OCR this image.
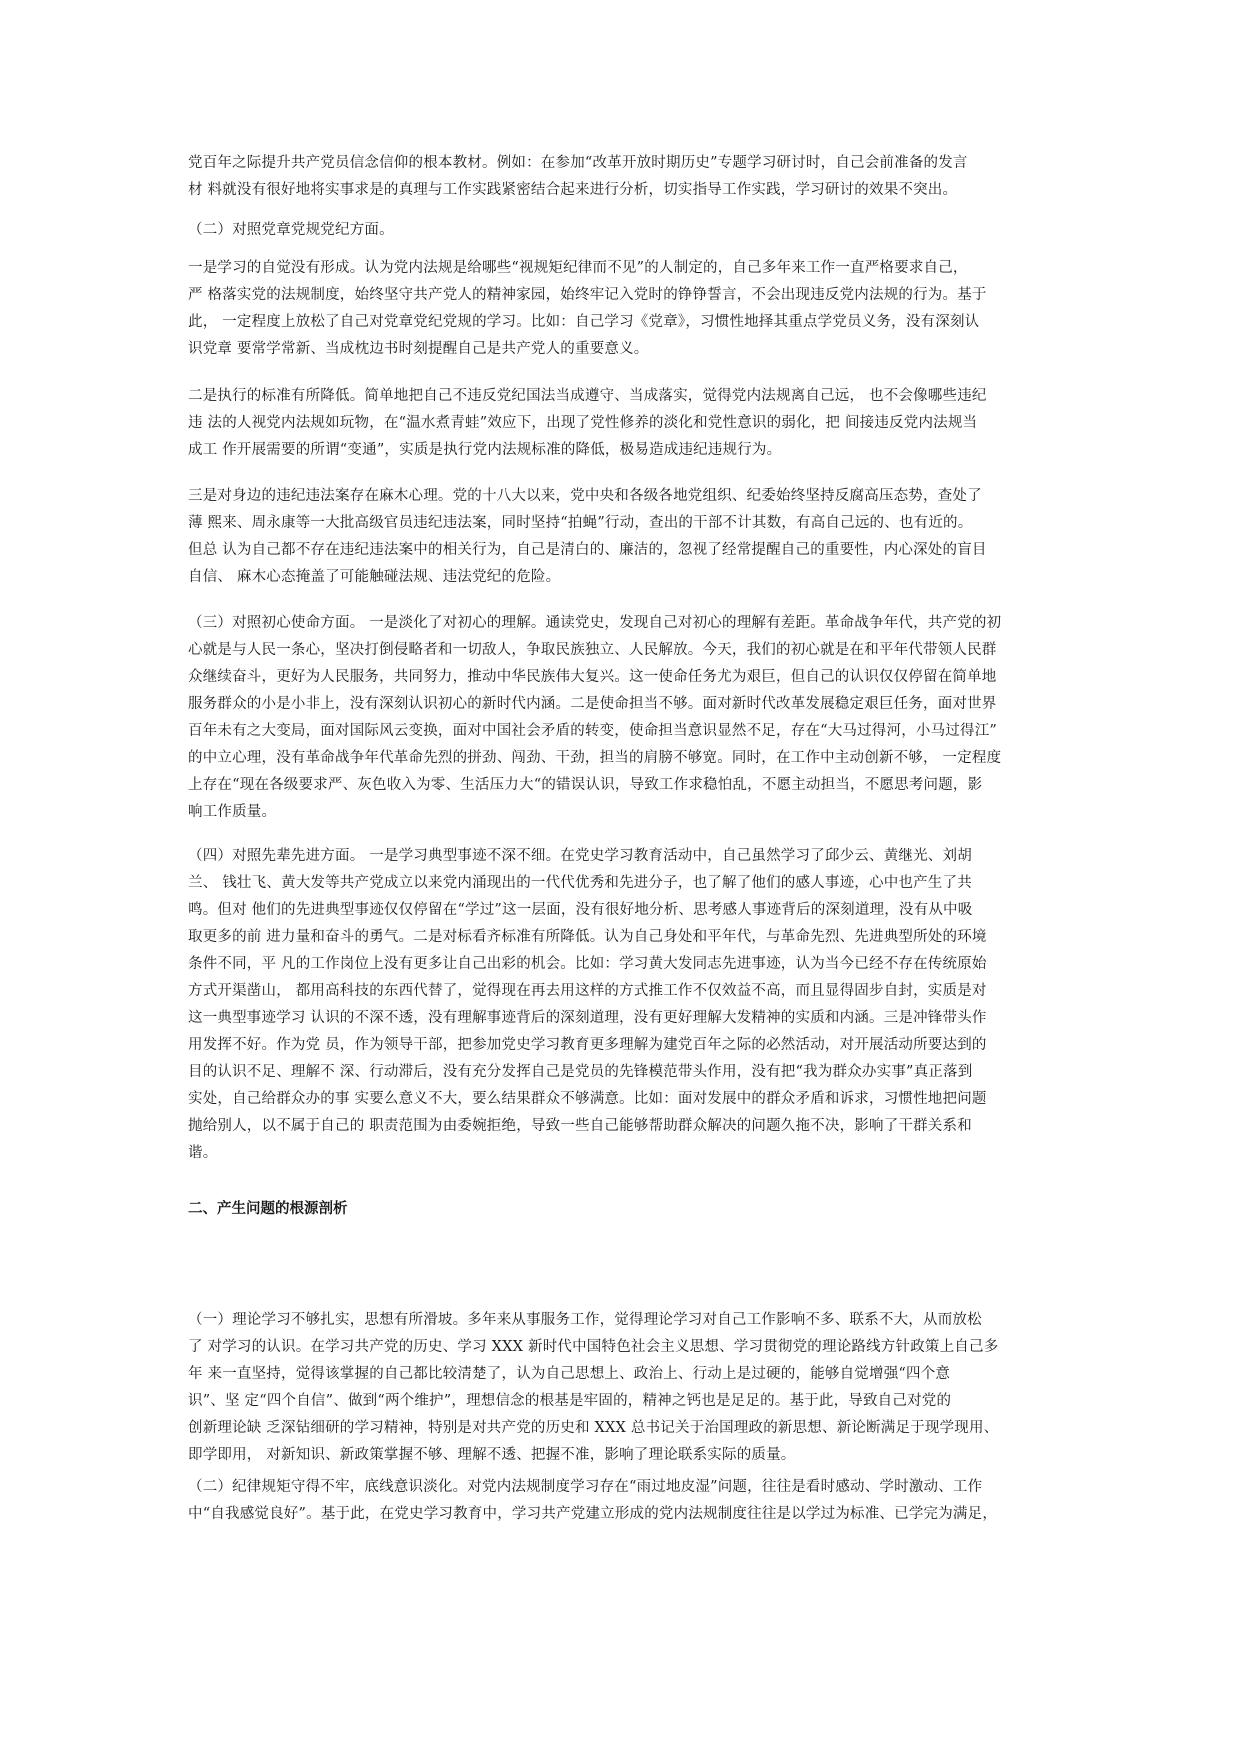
党百年之际提升共产党员信念信仰的根本教材。例如：在参加“改革开放时期历史”专题学习研讨时，自己会前准备的发言
材 料就没有很好地将实事求是的真理与工作实践紧密结合起来进行分析，切实指导工作实践，学习研讨的效果不突出。

（二）对照党章党规党纪方面。

一是学习的自觉没有形成。认为党内法规是给哪些“视规矩纪律而不见”的人制定的，自己多年来工作一直严格要求自己，
严 格落实党的法规制度，始终坚守共产党人的精神家园，始终牢记入党时的铮铮誓言，不会出现违反党内法规的行为。基于
此， 一定程度上放松了自己对党章党纪党规的学习。比如：自己学习《党章》，习惯性地择其重点学党员义务，没有深刻认
识党章 要常学常新、当成枕边书时刻提醒自己是共产党人的重要意义。

二是执行的标准有所降低。简单地把自己不违反党纪国法当成遵守、当成落实，觉得党内法规离自己远， 也不会像哪些违纪
违 法的人视党内法规如玩物，在“温水煮青蛙”效应下，出现了党性修养的淡化和党性意识的弱化，把 间接违反党内法规当
成工 作开展需要的所谓“变通”，实质是执行党内法规标准的降低，极易造成违纪违规行为。

三是对身边的违纪违法案存在麻木心理。党的十八大以来，党中央和各级各地党组织、纪委始终坚持反腐高压态势，查处了
薄 熙来、周永康等一大批高级官员违纪违法案，同时坚持“拍蝇”行动，查出的干部不计其数，有高自己远的、也有近的。
但总 认为自己都不存在违纪违法案中的相关行为，自己是清白的、廉洁的，忽视了经常提醒自己的重要性，内心深处的盲目
自信、 麻木心态掩盖了可能触碰法规、违法党纪的危险。

（三）对照初心使命方面。 一是淡化了对初心的理解。通读党史，发现自己对初心的理解有差距。革命战争年代，共产党的初
心就是与人民一条心，坚决打倒侵略者和一切敌人，争取民族独立、人民解放。今天，我们的初心就是在和平年代带领人民群
众继续奋斗，更好为人民服务，共同努力，推动中华民族伟大复兴。这一使命任务尤为艰巨，但自己的认识仅仅停留在简单地
服务群众的小是小非上，没有深刻认识初心的新时代内涵。二是使命担当不够。面对新时代改革发展稳定艰巨任务，面对世界
百年未有之大变局，面对国际风云变换，面对中国社会矛盾的转变，使命担当意识显然不足，存在“大马过得河，小马过得江”
的中立心理，没有革命战争年代革命先烈的拼劲、闯劲、干劲，担当的肩膀不够宽。同时，在工作中主动创新不够， 一定程度
上存在“现在各级要求严、灰色收入为零、生活压力大“的错误认识，导致工作求稳怕乱，不愿主动担当，不愿思考问题，影
响工作质量。

（四）对照先辈先进方面。 一是学习典型事迹不深不细。在党史学习教育活动中，自己虽然学习了邱少云、黄继光、刘胡
兰、 钱壮飞、黄大发等共产党成立以来党内涌现出的一代代优秀和先进分子，也了解了他们的感人事迹，心中也产生了共
鸣。但对 他们的先进典型事迹仅仅停留在“学过”这一层面，没有很好地分析、思考感人事迹背后的深刻道理，没有从中吸
取更多的前 进力量和奋斗的勇气。二是对标看齐标准有所降低。认为自己身处和平年代，与革命先烈、先进典型所处的环境
条件不同，平 凡的工作岗位上没有更多让自己出彩的机会。比如：学习黄大发同志先进事迹，认为当今已经不存在传统原始
方式开渠凿山， 都用高科技的东西代替了，觉得现在再去用这样的方式推工作不仅效益不高，而且显得固步自封，实质是对
这一典型事迹学习 认识的不深不透，没有理解事迹背后的深刻道理，没有更好理解大发精神的实质和内涵。三是冲锋带头作
用发挥不好。作为党 员，作为领导干部，把参加党史学习教育更多理解为建党百年之际的必然活动，对开展活动所要达到的
目的认识不足、理解不 深、行动滞后，没有充分发挥自己是党员的先锋模范带头作用，没有把“我为群众办实事”真正落到
实处，自己给群众办的事 实要么意义不大，要么结果群众不够满意。比如：面对发展中的群众矛盾和诉求，习惯性地把问题
抛给别人，以不属于自己的 职责范围为由委婉拒绝，导致一些自己能够帮助群众解决的问题久拖不决，影响了干群关系和
谐。

二、产生问题的根源剖析

（一）理论学习不够扎实，思想有所滑坡。多年来从事服务工作，觉得理论学习对自己工作影响不多、联系不大，从而放松
了 对学习的认识。在学习共产党的历史、学习 XXX 新时代中国特色社会主义思想、学习贯彻党的理论路线方针政策上自己多
年 来一直坚持，觉得该掌握的自己都比较清楚了，认为自己思想上、政治上、行动上是过硬的，能够自觉增强“四个意
识”、坚 定“四个自信”、做到“两个维护”，理想信念的根基是牢固的，精神之钙也是足足的。基于此，导致自己对党的
创新理论缺 乏深钻细研的学习精神，特别是对共产党的历史和 XXX 总书记关于治国理政的新思想、新论断满足于现学现用、
即学即用， 对新知识、新政策掌握不够、理解不透、把握不准，影响了理论联系实际的质量。

（二）纪律规矩守得不牢，底线意识淡化。对党内法规制度学习存在“雨过地皮湿”问题，往往是看时感动、学时激动、工作
中“自我感觉良好”。基于此，在党史学习教育中，学习共产党建立形成的党内法规制度往往是以学过为标准、已学完为满足，
